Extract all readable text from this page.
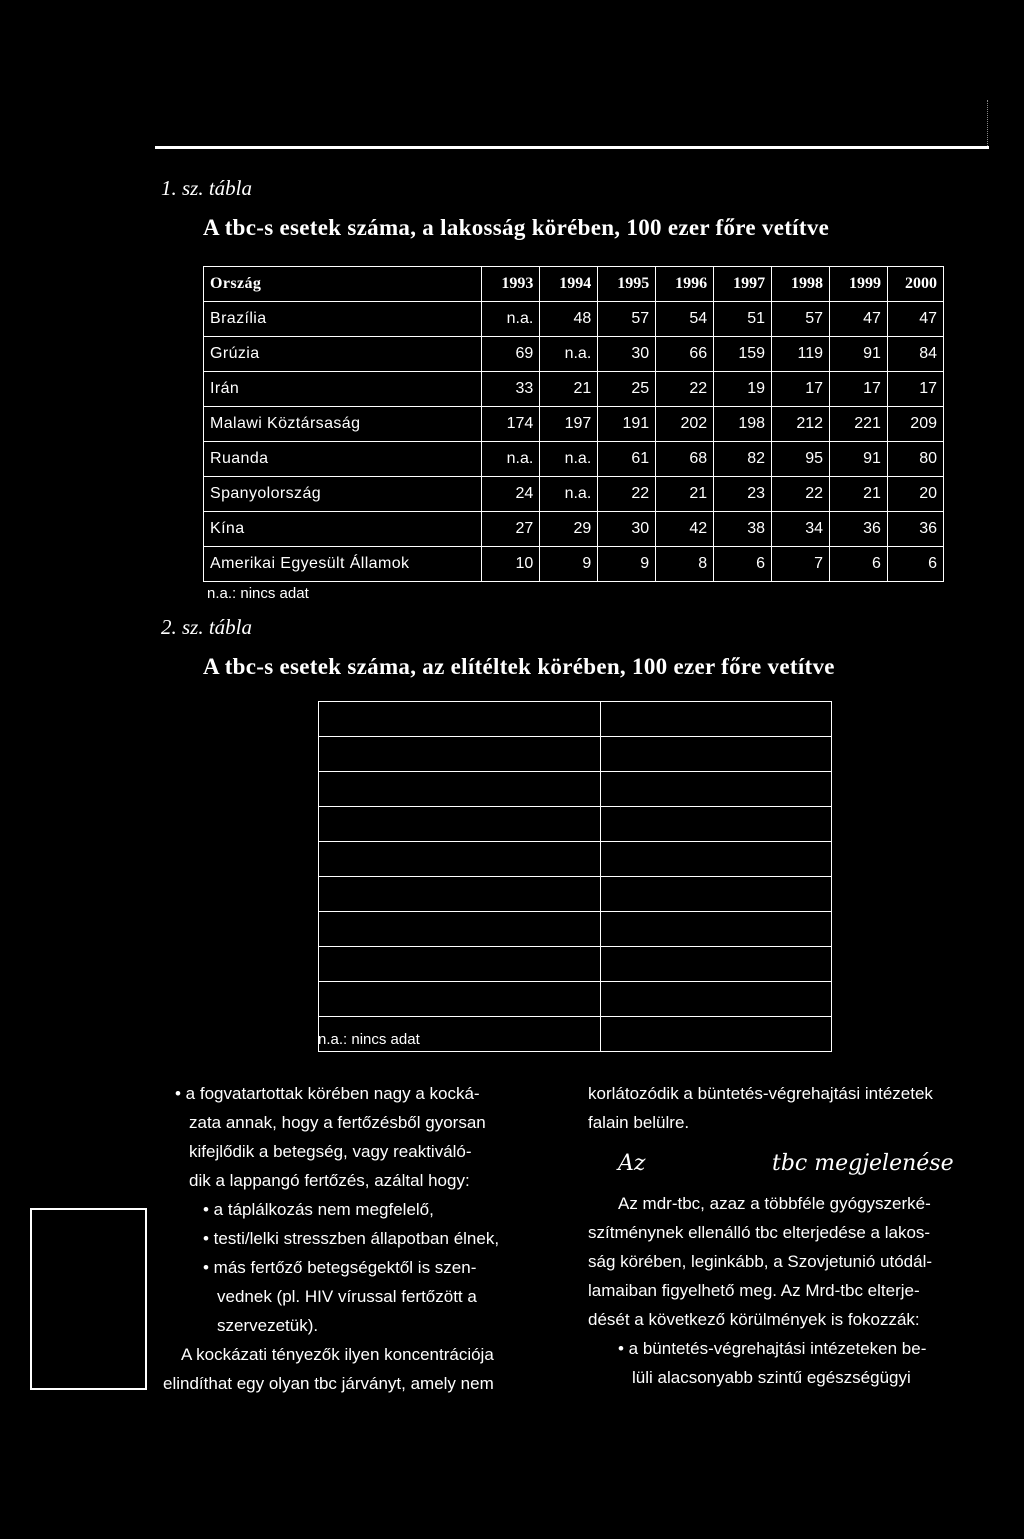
1. sz. tábla
A tbc-s esetek száma, a lakosság körében, 100 ezer főre vetítve
Ország	1993	1994	1995	1996	1997	1998	1999	2000
Brazília	n.a.	48	57	54	51	57	47	47
Grúzia	69	n.a.	30	66	159	119	91	84
Irán	33	21	25	22	19	17	17	17
Malawi Köztársaság	174	197	191	202	198	212	221	209
Ruanda	n.a.	n.a.	61	68	82	95	91	80
Spanyolország	24	n.a.	22	21	23	22	21	20
Kína	27	29	30	42	38	34	36	36
Amerikai Egyesült Államok	10	9	9	8	6	7	6	6
n.a.: nincs adat
2. sz. tábla
A tbc-s esetek száma, az elítéltek körében, 100 ezer főre vetítve

n.a.: nincs adat
• a fogvatartottak körében nagy a kocká-
zata annak, hogy a fertőzésből gyorsan
kifejlődik a betegség, vagy reaktiváló-
dik a lappangó fertőzés, azáltal hogy:
• a táplálkozás nem megfelelő,
• testi/lelki stresszben állapotban élnek,
• más fertőző betegségektől is szen-
vednek (pl. HIV vírussal fertőzött a
szervezetük).
A kockázati tényezők ilyen koncentrációja
elindíthat egy olyan tbc járványt, amely nem
korlátozódik a büntetés-végrehajtási intézetek
falain belülre.
Az	tbc megjelenése
Az mdr-tbc, azaz a többféle gyógyszerké-
szítménynek ellenálló tbc elterjedése a lakos-
ság körében, leginkább, a Szovjetunió utódál-
lamaiban figyelhető meg. Az Mrd-tbc elterje-
dését a következő körülmények is fokozzák:
• a büntetés-végrehajtási intézeteken be-
lüli alacsonyabb szintű egészségügyi
